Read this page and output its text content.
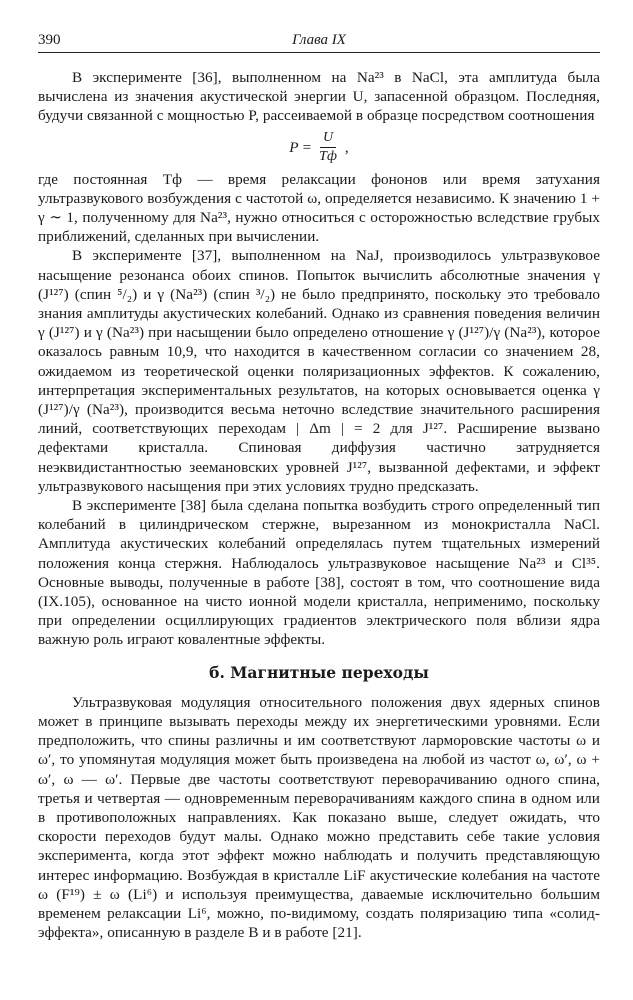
390	Глава IX

В эксперименте [36], выполненном на Na²³ в NaCl, эта амплитуда была вычислена из значения акустической энергии U, запасенной образцом. Последняя, будучи связанной с мощностью P, рассеиваемой в образце посредством соотношения

$P = \frac{U}{Tф}$ ,

где постоянная Tф — время релаксации фононов или время затухания ультразвукового возбуждения с частотой ω, определяется независимо. К значению 1 + γ ∼ 1, полученному для Na²³, нужно относиться с осторожностью вследствие грубых приближений, сделанных при вычислении.

В эксперименте [37], выполненном на NaJ, производилось ультразвуковое насыщение резонанса обоих спинов. Попыток вычислить абсолютные значения γ (J¹²⁷) (спин ⁵/₂) и γ (Na²³) (спин ³/₂) не было предпринято, поскольку это требовало знания амплитуды акустических колебаний. Однако из сравнения поведения величин γ (J¹²⁷) и γ (Na²³) при насыщении было определено отношение γ (J¹²⁷)/γ (Na²³), которое оказалось равным 10,9, что находится в качественном согласии со значением 28, ожидаемом из теоретической оценки поляризационных эффектов. К сожалению, интерпретация экспериментальных результатов, на которых основывается оценка γ (J¹²⁷)/γ (Na²³), производится весьма неточно вследствие значительного расширения линий, соответствующих переходам | Δm | = 2 для J¹²⁷. Расширение вызвано дефектами кристалла. Спиновая диффузия частично затрудняется неэквидистантностью зеемановских уровней J¹²⁷, вызванной дефектами, и эффект ультразвукового насыщения при этих условиях трудно предсказать.

В эксперименте [38] была сделана попытка возбудить строго определенный тип колебаний в цилиндрическом стержне, вырезанном из монокристалла NaCl. Амплитуда акустических колебаний определялась путем тщательных измерений положения конца стержня. Наблюдалось ультразвуковое насыщение Na²³ и Cl³⁵. Основные выводы, полученные в работе [38], состоят в том, что соотношение вида (IX.105), основанное на чисто ионной модели кристалла, неприменимо, поскольку при определении осциллирующих градиентов электрического поля вблизи ядра важную роль играют ковалентные эффекты.

б. Магнитные переходы

Ультразвуковая модуляция относительного положения двух ядерных спинов может в принципе вызывать переходы между их энергетическими уровнями. Если предположить, что спины различны и им соответствуют ларморовские частоты ω и ω′, то упомянутая модуляция может быть произведена на любой из частот ω, ω′, ω + ω′, ω — ω′. Первые две частоты соответствуют переворачиванию одного спина, третья и четвертая — одновременным переворачиваниям каждого спина в одном или в противоположных направлениях. Как показано выше, следует ожидать, что скорости переходов будут малы. Однако можно представить себе такие условия эксперимента, когда этот эффект можно наблюдать и получить представляющую интерес информацию. Возбуждая в кристалле LiF акустические колебания на частоте ω (F¹⁹) ± ω (Li⁶) и используя преимущества, даваемые исключительно большим временем релаксации Li⁶, можно, по-видимому, создать поляризацию типа «солид-эффекта», описанную в разделе В и в работе [21].
